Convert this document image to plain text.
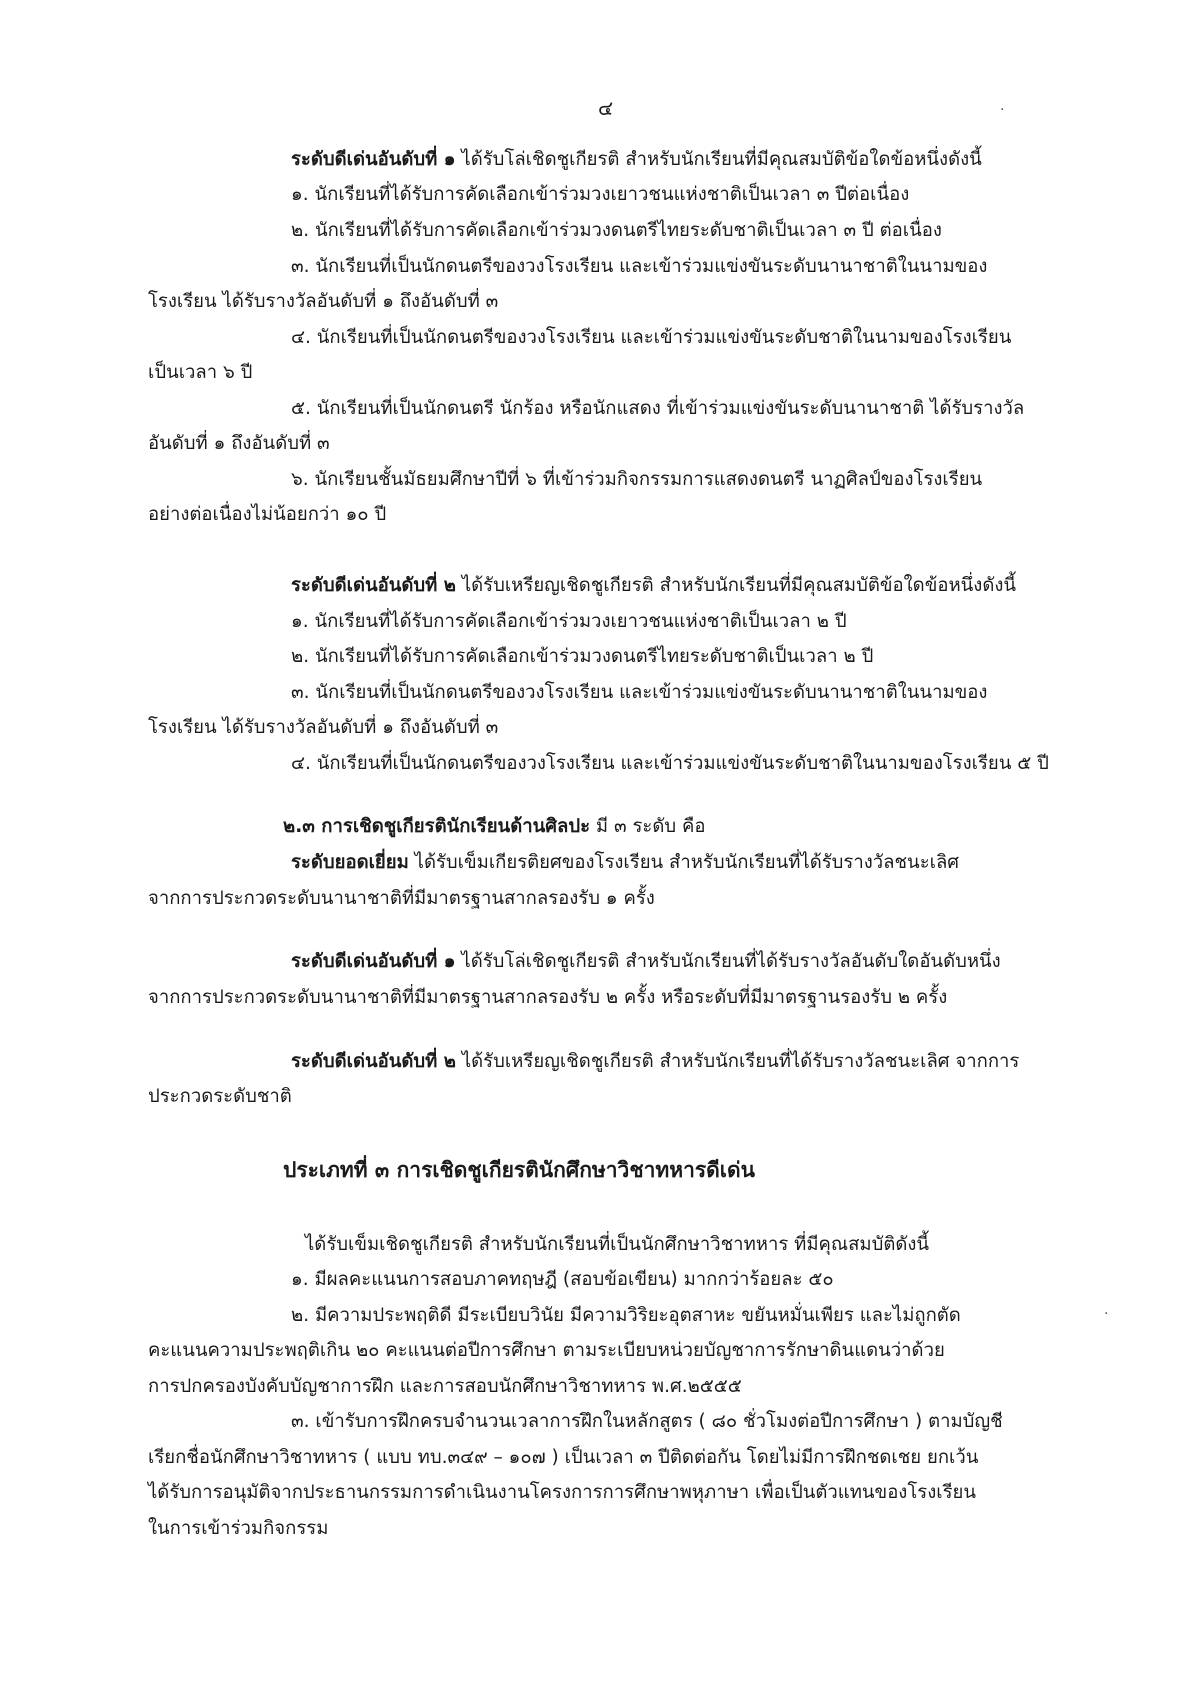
๔
ระดับดีเด่นอันดับที่ ๑ ได้รับโล่เชิดชูเกียรติ สำหรับนักเรียนที่มีคุณสมบัติข้อใดข้อหนึ่งดังนี้
๑. นักเรียนที่ได้รับการคัดเลือกเข้าร่วมวงเยาวชนแห่งชาติเป็นเวลา ๓ ปีต่อเนื่อง
๒. นักเรียนที่ได้รับการคัดเลือกเข้าร่วมวงดนตรีไทยระดับชาติเป็นเวลา ๓ ปี ต่อเนื่อง
๓. นักเรียนที่เป็นนักดนตรีของวงโรงเรียน และเข้าร่วมแข่งขันระดับนานาชาติในนามของ
โรงเรียน ได้รับรางวัลอันดับที่ ๑ ถึงอันดับที่ ๓
๔. นักเรียนที่เป็นนักดนตรีของวงโรงเรียน และเข้าร่วมแข่งขันระดับชาติในนามของโรงเรียน
เป็นเวลา ๖ ปี
๕. นักเรียนที่เป็นนักดนตรี นักร้อง หรือนักแสดง ที่เข้าร่วมแข่งขันระดับนานาชาติ ได้รับรางวัล
อันดับที่ ๑ ถึงอันดับที่ ๓
๖. นักเรียนชั้นมัธยมศึกษาปีที่ ๖ ที่เข้าร่วมกิจกรรมการแสดงดนตรี นาฏศิลป์ของโรงเรียน
อย่างต่อเนื่องไม่น้อยกว่า ๑๐ ปี
ระดับดีเด่นอันดับที่ ๒ ได้รับเหรียญเชิดชูเกียรติ สำหรับนักเรียนที่มีคุณสมบัติข้อใดข้อหนึ่งดังนี้
๑. นักเรียนที่ได้รับการคัดเลือกเข้าร่วมวงเยาวชนแห่งชาติเป็นเวลา ๒ ปี
๒. นักเรียนที่ได้รับการคัดเลือกเข้าร่วมวงดนตรีไทยระดับชาติเป็นเวลา ๒ ปี
๓. นักเรียนที่เป็นนักดนตรีของวงโรงเรียน และเข้าร่วมแข่งขันระดับนานาชาติในนามของ
โรงเรียน ได้รับรางวัลอันดับที่ ๑ ถึงอันดับที่ ๓
๔. นักเรียนที่เป็นนักดนตรีของวงโรงเรียน และเข้าร่วมแข่งขันระดับชาติในนามของโรงเรียน ๕ ปี
๒.๓ การเชิดชูเกียรตินักเรียนด้านศิลปะ มี ๓ ระดับ คือ
ระดับยอดเยี่ยม ได้รับเข็มเกียรติยศของโรงเรียน สำหรับนักเรียนที่ได้รับรางวัลชนะเลิศ
จากการประกวดระดับนานาชาติที่มีมาตรฐานสากลรองรับ ๑ ครั้ง
ระดับดีเด่นอันดับที่ ๑ ได้รับโล่เชิดชูเกียรติ สำหรับนักเรียนที่ได้รับรางวัลอันดับใดอันดับหนึ่ง
จากการประกวดระดับนานาชาติที่มีมาตรฐานสากลรองรับ ๒ ครั้ง หรือระดับที่มีมาตรฐานรองรับ ๒ ครั้ง
ระดับดีเด่นอันดับที่ ๒ ได้รับเหรียญเชิดชูเกียรติ สำหรับนักเรียนที่ได้รับรางวัลชนะเลิศ จากการ
ประกวดระดับชาติ
ประเภทที่ ๓ การเชิดชูเกียรตินักศึกษาวิชาทหารดีเด่น
ได้รับเข็มเชิดชูเกียรติ สำหรับนักเรียนที่เป็นนักศึกษาวิชาทหาร ที่มีคุณสมบัติดังนี้
๑. มีผลคะแนนการสอบภาคทฤษฎี (สอบข้อเขียน) มากกว่าร้อยละ ๕๐
๒. มีความประพฤติดี มีระเบียบวินัย มีความวิริยะอุตสาหะ ขยันหมั่นเพียร และไม่ถูกตัด
คะแนนความประพฤติเกิน ๒๐ คะแนนต่อปีการศึกษา ตามระเบียบหน่วยบัญชาการรักษาดินแดนว่าด้วย
การปกครองบังคับบัญชาการฝึก และการสอบนักศึกษาวิชาทหาร พ.ศ.๒๕๕๕
๓. เข้ารับการฝึกครบจำนวนเวลาการฝึกในหลักสูตร ( ๘๐ ชั่วโมงต่อปีการศึกษา ) ตามบัญชี
เรียกชื่อนักศึกษาวิชาทหาร ( แบบ ทบ.๓๔๙ – ๑๐๗ ) เป็นเวลา ๓ ปีติดต่อกัน โดยไม่มีการฝึกชดเชย ยกเว้น
ได้รับการอนุมัติจากประธานกรรมการดำเนินงานโครงการการศึกษาพหุภาษา เพื่อเป็นตัวแทนของโรงเรียน
ในการเข้าร่วมกิจกรรม
·
·
